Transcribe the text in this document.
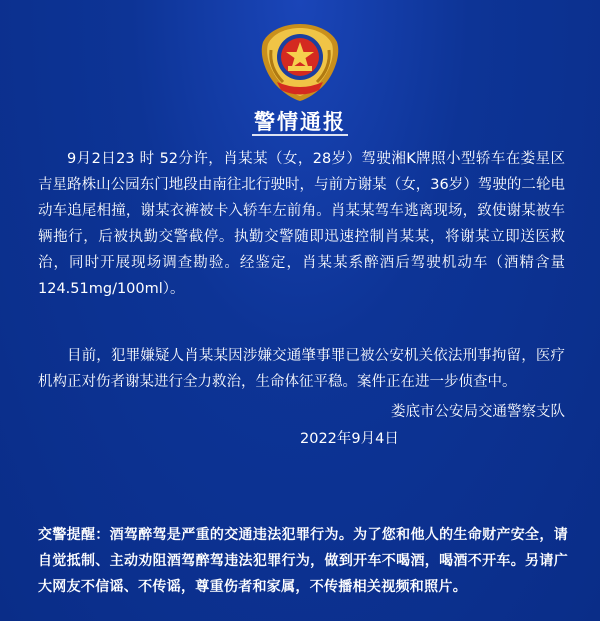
警情通报

9月2日23 时 52分许，肖某某（女，28岁）驾驶湘K牌照小型轿车在娄星区吉星路株山公园东门地段由南往北行驶时，与前方谢某（女，36岁）驾驶的二轮电动车追尾相撞，谢某衣裤被卡入轿车左前角。肖某某驾车逃离现场，致使谢某被车辆拖行，后被执勤交警截停。执勤交警随即迅速控制肖某某，将谢某立即送医救治，同时开展现场调查勘验。经鉴定，肖某某系醉酒后驾驶机动车（酒精含量124.51mg/100ml）。

目前，犯罪嫌疑人肖某某因涉嫌交通肇事罪已被公安机关依法刑事拘留，医疗机构正对伤者谢某进行全力救治，生命体征平稳。案件正在进一步侦查中。

娄底市公安局交通警察支队
2022年9月4日

交警提醒：酒驾醉驾是严重的交通违法犯罪行为。为了您和他人的生命财产安全，请自觉抵制、主动劝阻酒驾醉驾违法犯罪行为，做到开车不喝酒，喝酒不开车。另请广大网友不信谣、不传谣，尊重伤者和家属，不传播相关视频和照片。
